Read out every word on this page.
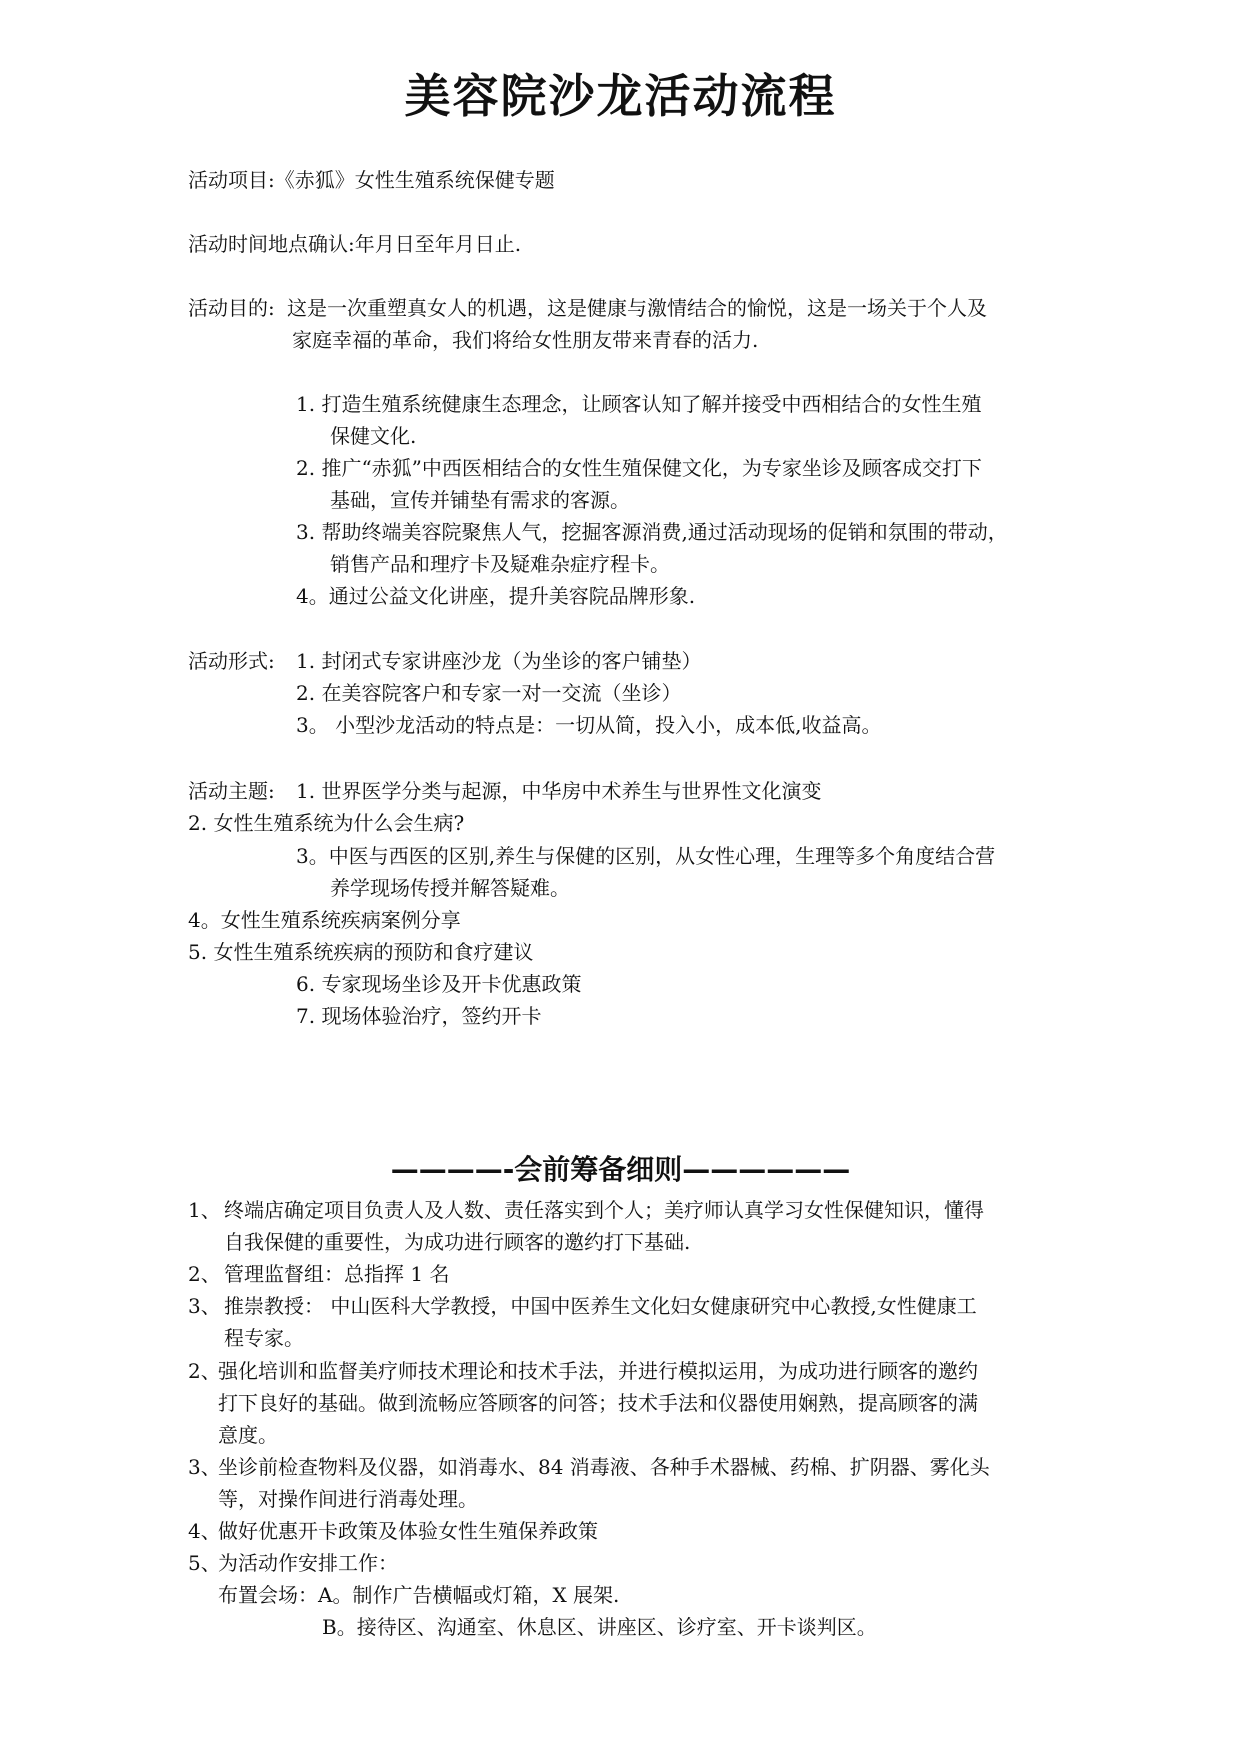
美容院沙龙活动流程
活动项目:《赤狐》女性生殖系统保健专题
活动时间地点确认:年月日至年月日止.
活动目的: 这是一次重塑真女人的机遇，这是健康与激情结合的愉悦，这是一场关于个人及
家庭幸福的革命，我们将给女性朋友带来青春的活力.
1. 打造生殖系统健康生态理念，让顾客认知了解并接受中西相结合的女性生殖
保健文化.
2. 推广“赤狐”中西医相结合的女性生殖保健文化，为专家坐诊及顾客成交打下
基础，宣传并铺垫有需求的客源。
3. 帮助终端美容院聚焦人气，挖掘客源消费,通过活动现场的促销和氛围的带动，
销售产品和理疗卡及疑难杂症疗程卡。
4。通过公益文化讲座，提升美容院品牌形象.
活动形式: 1. 封闭式专家讲座沙龙（为坐诊的客户铺垫）
2. 在美容院客户和专家一对一交流（坐诊）
3。 小型沙龙活动的特点是：一切从简，投入小，成本低,收益高。
活动主题: 1. 世界医学分类与起源，中华房中术养生与世界性文化演变
2. 女性生殖系统为什么会生病?
3。中医与西医的区别,养生与保健的区别，从女性心理，生理等多个角度结合营
养学现场传授并解答疑难。
4。女性生殖系统疾病案例分享
5. 女性生殖系统疾病的预防和食疗建议
6. 专家现场坐诊及开卡优惠政策
7. 现场体验治疗，签约开卡
————-会前筹备细则——————
1、 终端店确定项目负责人及人数、责任落实到个人；美疗师认真学习女性保健知识，懂得
自我保健的重要性，为成功进行顾客的邀约打下基础.
2、 管理监督组：总指挥 1 名
3、 推崇教授： 中山医科大学教授，中国中医养生文化妇女健康研究中心教授,女性健康工
程专家。
2、
强化培训和监督美疗师技术理论和技术手法，并进行模拟运用，为成功进行顾客的邀约
打下良好的基础。做到流畅应答顾客的问答；技术手法和仪器使用娴熟，提高顾客的满
意度。
3、
坐诊前检查物料及仪器，如消毒水、84 消毒液、各种手术器械、药棉、扩阴器、雾化头
等，对操作间进行消毒处理。
4、
做好优惠开卡政策及体验女性生殖保养政策
5、
为活动作安排工作：
布置会场：A。制作广告横幅或灯箱，X 展架.
B。接待区、沟通室、休息区、讲座区、诊疗室、开卡谈判区。
